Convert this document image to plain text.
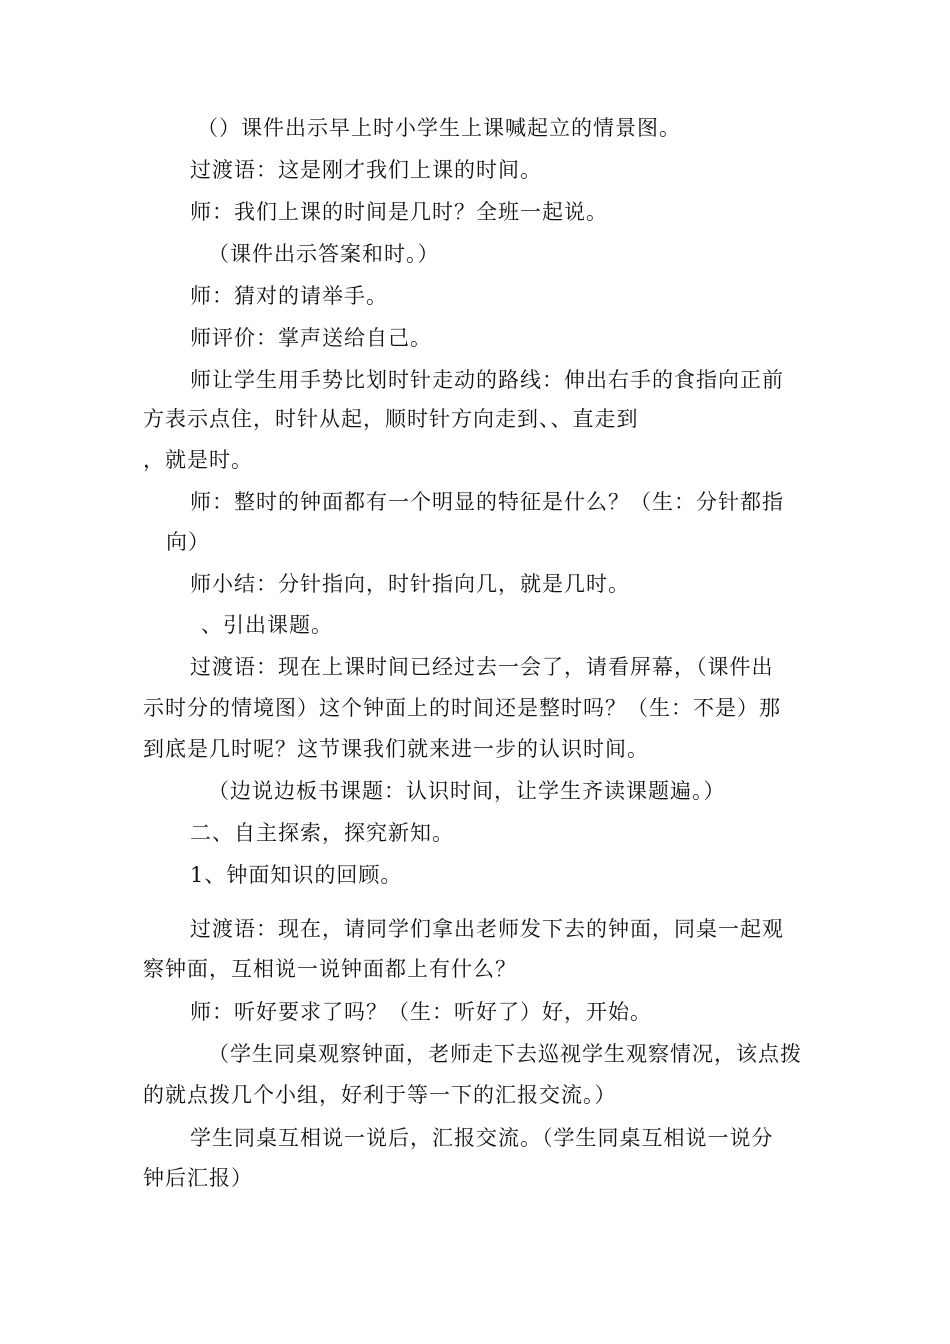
（）课件出示早上时小学生上课喊起立的情景图。
过渡语：这是刚才我们上课的时间。
师：我们上课的时间是几时？全班一起说。
（课件出示答案和时。）
师：猜对的请举手。
师评价：掌声送给自己。
师让学生用手势比划时针走动的路线：伸出右手的食指向正前
方表示点住，时针从起，顺时针方向走到、、直走到
，就是时。
师：整时的钟面都有一个明显的特征是什么？（生：分针都指
向）
师小结：分针指向，时针指向几，就是几时。
、引出课题。
过渡语：现在上课时间已经过去一会了，请看屏幕，（课件出
示时分的情境图）这个钟面上的时间还是整时吗？（生：不是）那
到底是几时呢？这节课我们就来进一步的认识时间。
（边说边板书课题：认识时间，让学生齐读课题遍。）
二、自主探索，探究新知。
1、钟面知识的回顾。
过渡语：现在，请同学们拿出老师发下去的钟面，同桌一起观
察钟面，互相说一说钟面都上有什么？
师：听好要求了吗？（生：听好了）好，开始。
（学生同桌观察钟面，老师走下去巡视学生观察情况，该点拨
的就点拨几个小组，好利于等一下的汇报交流。）
学生同桌互相说一说后，汇报交流。（学生同桌互相说一说分
钟后汇报）
